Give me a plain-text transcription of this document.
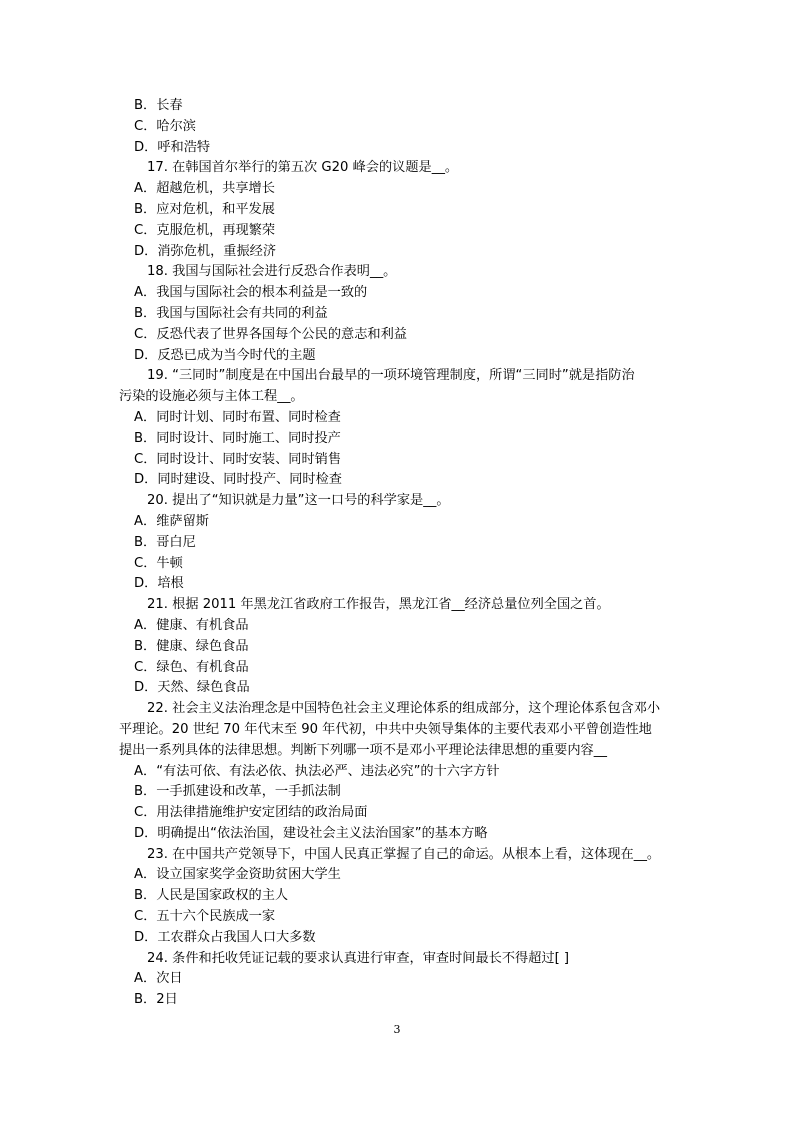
B．长春
C．哈尔滨
D．呼和浩特
17. 在韩国首尔举行的第五次 G20 峰会的议题是__。
A．超越危机，共享增长
B．应对危机，和平发展
C．克服危机，再现繁荣
D．消弥危机，重振经济
18. 我国与国际社会进行反恐合作表明__。
A．我国与国际社会的根本利益是一致的
B．我国与国际社会有共同的利益
C．反恐代表了世界各国每个公民的意志和利益
D．反恐已成为当今时代的主题
19. “三同时”制度是在中国出台最早的一项环境管理制度，所谓“三同时”就是指防治
污染的设施必须与主体工程__。
A．同时计划、同时布置、同时检查
B．同时设计、同时施工、同时投产
C．同时设计、同时安装、同时销售
D．同时建设、同时投产、同时检查
20. 提出了“知识就是力量”这一口号的科学家是__。
A．维萨留斯
B．哥白尼
C．牛顿
D．培根
21. 根据 2011 年黑龙江省政府工作报告，黑龙江省__经济总量位列全国之首。
A．健康、有机食品
B．健康、绿色食品
C．绿色、有机食品
D．天然、绿色食品
22. 社会主义法治理念是中国特色社会主义理论体系的组成部分，这个理论体系包含邓小
平理论。20 世纪 70 年代末至 90 年代初，中共中央领导集体的主要代表邓小平曾创造性地
提出一系列具体的法律思想。判断下列哪一项不是邓小平理论法律思想的重要内容__
A．“有法可依、有法必依、执法必严、违法必究”的十六字方针
B．一手抓建设和改革，一手抓法制
C．用法律措施维护安定团结的政治局面
D．明确提出“依法治国，建设社会主义法治国家”的基本方略
23. 在中国共产党领导下，中国人民真正掌握了自己的命运。从根本上看，这体现在__。
A．设立国家奖学金资助贫困大学生
B．人民是国家政权的主人
C．五十六个民族成一家
D．工农群众占我国人口大多数
24. 条件和托收凭证记载的要求认真进行审查，审查时间最长不得超过[ ]
A．次日
B．2日
3
